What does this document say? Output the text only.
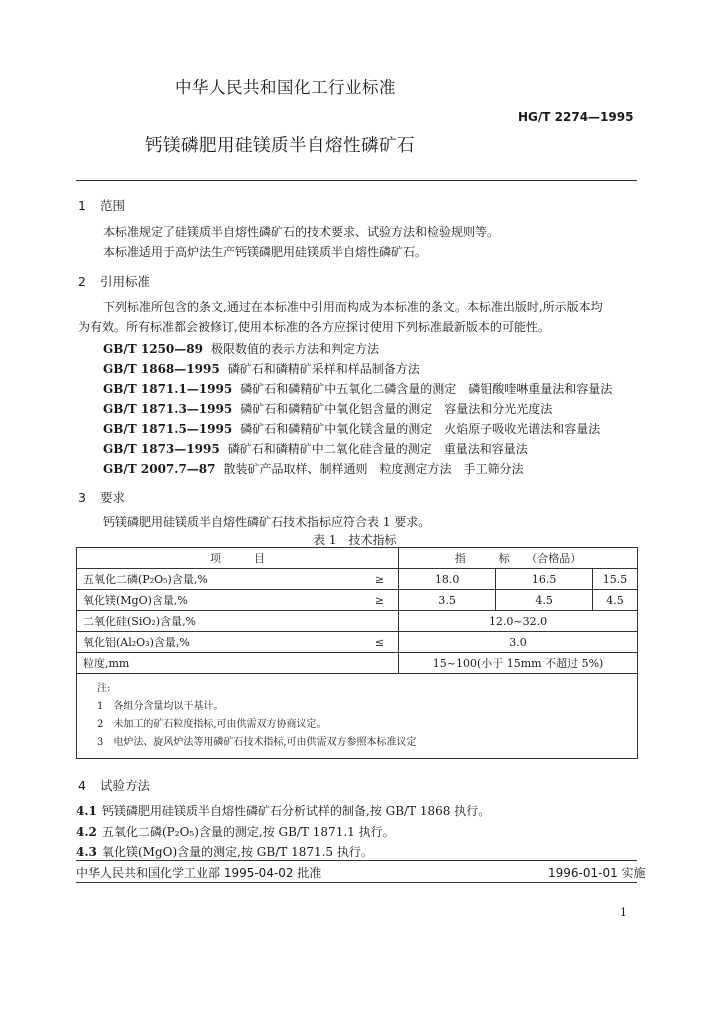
中华人民共和国化工行业标准
HG/T 2274—1995
钙镁磷肥用硅镁质半自熔性磷矿石
1 范围
本标准规定了硅镁质半自熔性磷矿石的技术要求、试验方法和检验规则等。
本标准适用于高炉法生产钙镁磷肥用硅镁质半自熔性磷矿石。
2 引用标准
下列标准所包含的条文,通过在本标准中引用而构成为本标准的条文。本标准出版时,所示版本均
为有效。所有标准都会被修订,使用本标准的各方应探讨使用下列标准最新版本的可能性。
GB/T 1250—89 极限数值的表示方法和判定方法
GB/T 1868—1995 磷矿石和磷精矿采样和样品制备方法
GB/T 1871.1—1995 磷矿石和磷精矿中五氧化二磷含量的测定　磷钼酸喹啉重量法和容量法
GB/T 1871.3—1995 磷矿石和磷精矿中氧化铝含量的测定　容量法和分光光度法
GB/T 1871.5—1995 磷矿石和磷精矿中氧化镁含量的测定　火焰原子吸收光谱法和容量法
GB/T 1873—1995 磷矿石和磷精矿中二氧化硅含量的测定　重量法和容量法
GB/T 2007.7—87 散装矿产品取样、制样通则　粒度测定方法　手工筛分法
3 要求
钙镁磷肥用硅镁质半自熔性磷矿石技术指标应符合表 1 要求。
表 1　技术指标
项　　　目		指　　　标　　（合格品）		
五氧化二磷(P₂O₅)含量,%	≥	18.0	16.5	15.5
氧化镁(MgO)含量,%	≥	3.5	4.5	4.5
二氧化硅(SiO₂)含量,%		12.0~32.0		
氧化铝(Al₂O₃)含量,%	≤	3.0		
粒度,mm		15~100(小于 15mm 不超过 5%)		

注:
1　各组分含量均以干基计。
2　未加工的矿石粒度指标,可由供需双方协商议定。
3　电炉法、旋风炉法等用磷矿石技术指标,可由供需双方参照本标准议定				
4 试验方法
4.1 钙镁磷肥用硅镁质半自熔性磷矿石分析试样的制备,按 GB/T 1868 执行。
4.2 五氧化二磷(P₂O₅)含量的测定,按 GB/T 1871.1 执行。
4.3 氧化镁(MgO)含量的测定,按 GB/T 1871.5 执行。
中华人民共和国化学工业部 1995-04-02 批准	1996-01-01 实施
1
